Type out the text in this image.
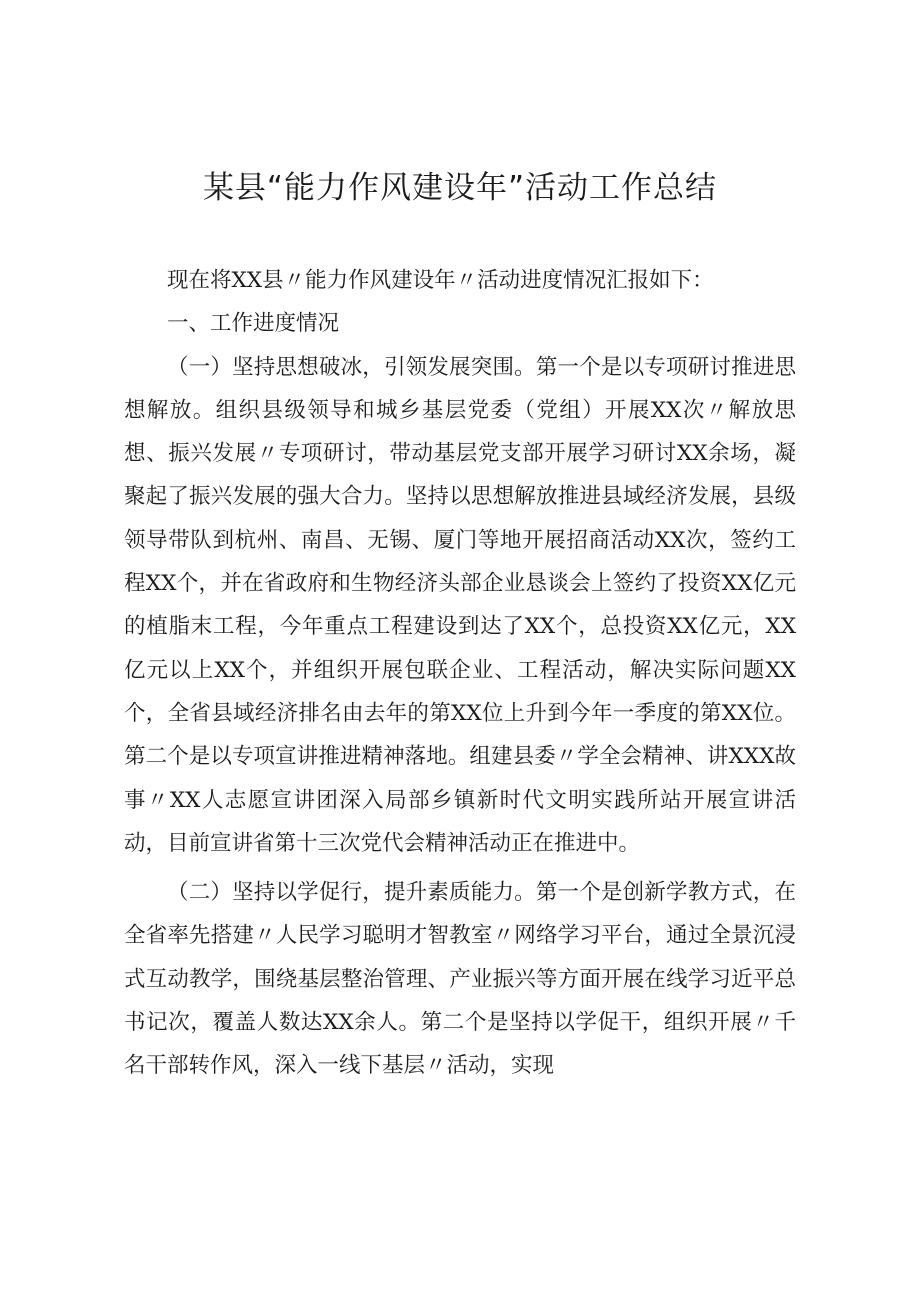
某县“能力作风建设年”活动工作总结

现在将XX县〃能力作风建设年〃活动进度情况汇报如下：

一、工作进度情况

（一）坚持思想破冰，引领发展突围。第一个是以专项研讨推进思想解放。组织县级领导和城乡基层党委（党组）开展XX次〃解放思想、振兴发展〃专项研讨，带动基层党支部开展学习研讨XX余场，凝聚起了振兴发展的强大合力。坚持以思想解放推进县域经济发展，县级领导带队到杭州、南昌、无锡、厦门等地开展招商活动XX次，签约工程XX个，并在省政府和生物经济头部企业恳谈会上签约了投资XX亿元的植脂末工程，今年重点工程建设到达了XX个，总投资XX亿元，XX亿元以上XX个，并组织开展包联企业、工程活动，解决实际问题XX个，全省县域经济排名由去年的第XX位上升到今年一季度的第XX位。第二个是以专项宣讲推进精神落地。组建县委〃学全会精神、讲XXX故事〃XX人志愿宣讲团深入局部乡镇新时代文明实践所站开展宣讲活动，目前宣讲省第十三次党代会精神活动正在推进中。

（二）坚持以学促行，提升素质能力。第一个是创新学教方式，在全省率先搭建〃人民学习聪明才智教室〃网络学习平台，通过全景沉浸式互动教学，围绕基层整治管理、产业振兴等方面开展在线学习近平总书记次，覆盖人数达XX余人。第二个是坚持以学促干，组织开展〃千名干部转作风，深入一线下基层〃活动，实现
